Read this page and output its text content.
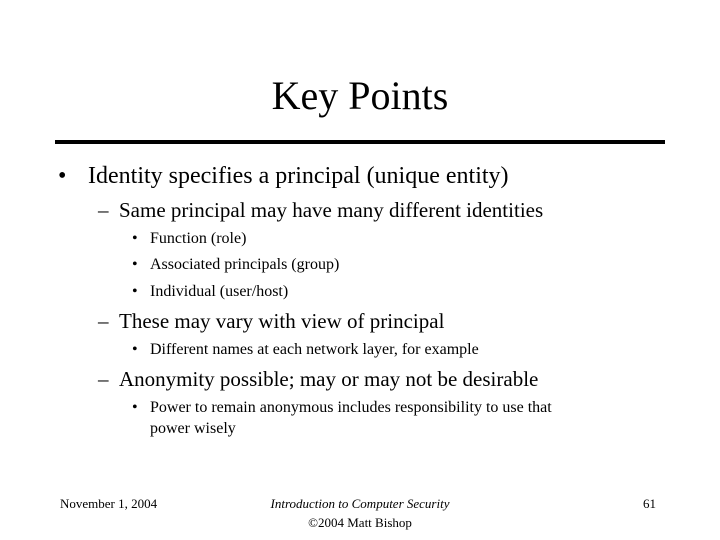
Key Points
• Identity specifies a principal (unique entity)
– Same principal may have many different identities
• Function (role)
• Associated principals (group)
• Individual (user/host)
– These may vary with view of principal
• Different names at each network layer, for example
– Anonymity possible; may or may not be desirable
• Power to remain anonymous includes responsibility to use that
power wisely
November 1, 2004	Introduction to Computer Security
©2004 Matt Bishop
61
